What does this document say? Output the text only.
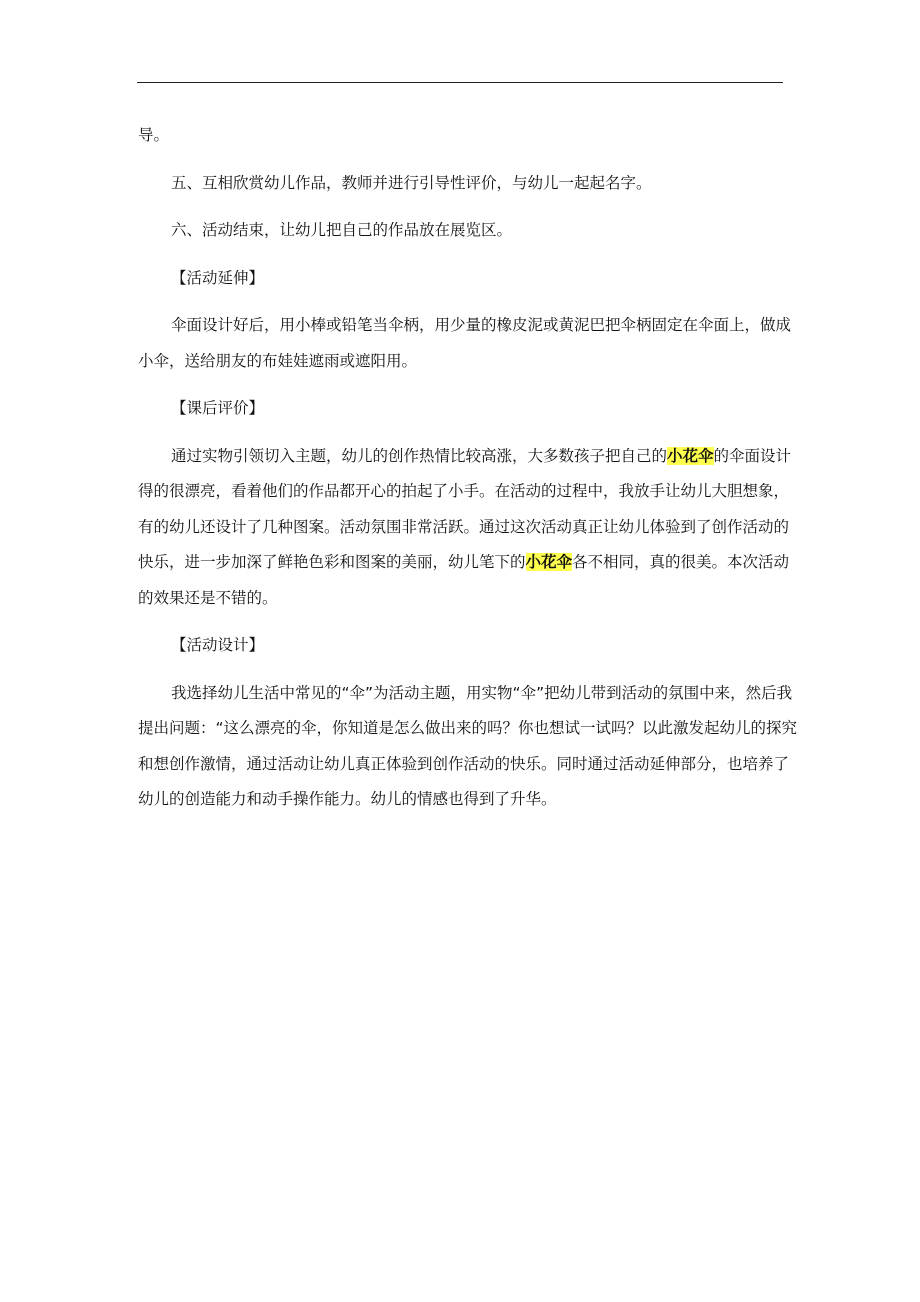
导。

五、互相欣赏幼儿作品，教师并进行引导性评价，与幼儿一起起名字。

六、活动结束，让幼儿把自己的作品放在展览区。

【活动延伸】

伞面设计好后，用小棒或铅笔当伞柄，用少量的橡皮泥或黄泥巴把伞柄固定在伞面上，做成小伞，送给朋友的布娃娃遮雨或遮阳用。

【课后评价】

通过实物引领切入主题，幼儿的创作热情比较高涨，大多数孩子把自己的小花伞的伞面设计得的很漂亮，看着他们的作品都开心的拍起了小手。在活动的过程中，我放手让幼儿大胆想象，有的幼儿还设计了几种图案。活动氛围非常活跃。通过这次活动真正让幼儿体验到了创作活动的快乐，进一步加深了鲜艳色彩和图案的美丽，幼儿笔下的小花伞各不相同，真的很美。本次活动的效果还是不错的。

【活动设计】

我选择幼儿生活中常见的“伞”为活动主题，用实物“伞”把幼儿带到活动的氛围中来，然后我提出问题：“这么漂亮的伞，你知道是怎么做出来的吗？你也想试一试吗？以此激发起幼儿的探究和想创作激情，通过活动让幼儿真正体验到创作活动的快乐。同时通过活动延伸部分，也培养了幼儿的创造能力和动手操作能力。幼儿的情感也得到了升华。
